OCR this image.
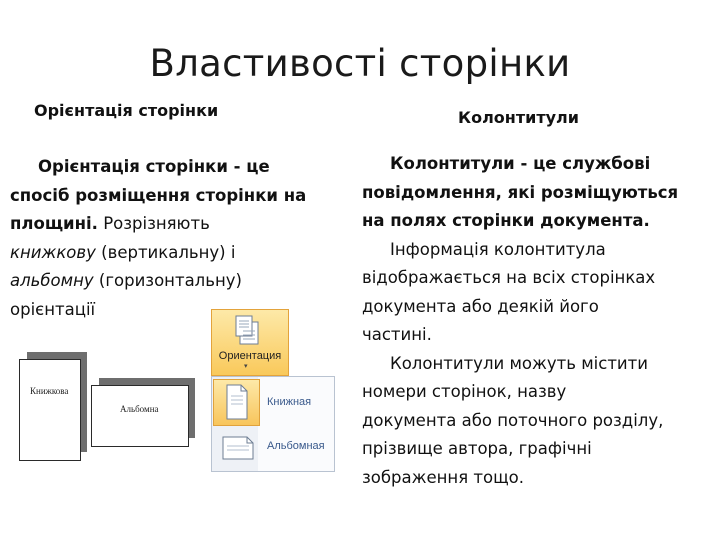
Властивості сторінки
Орієнтація сторінки	Колонтитули
Орієнтація сторінки - це
спосіб розміщення сторінки на
площині. Розрізняють
книжкову (вертикальну) і
альбомну (горизонтальну)
орієнтації
Колонтитули - це службові
повідомлення, які розміщуються
на полях сторінки документа.
Інформація колонтитула
відображається на всіх сторінках
документа або деякій його
частині.
Колонтитули можуть містити
номери сторінок, назву
документа або поточного розділу,
прізвище автора, графічні
зображення тощо.
Книжкова
Альбомна
Ориентация
▾
Книжная
Альбомная
